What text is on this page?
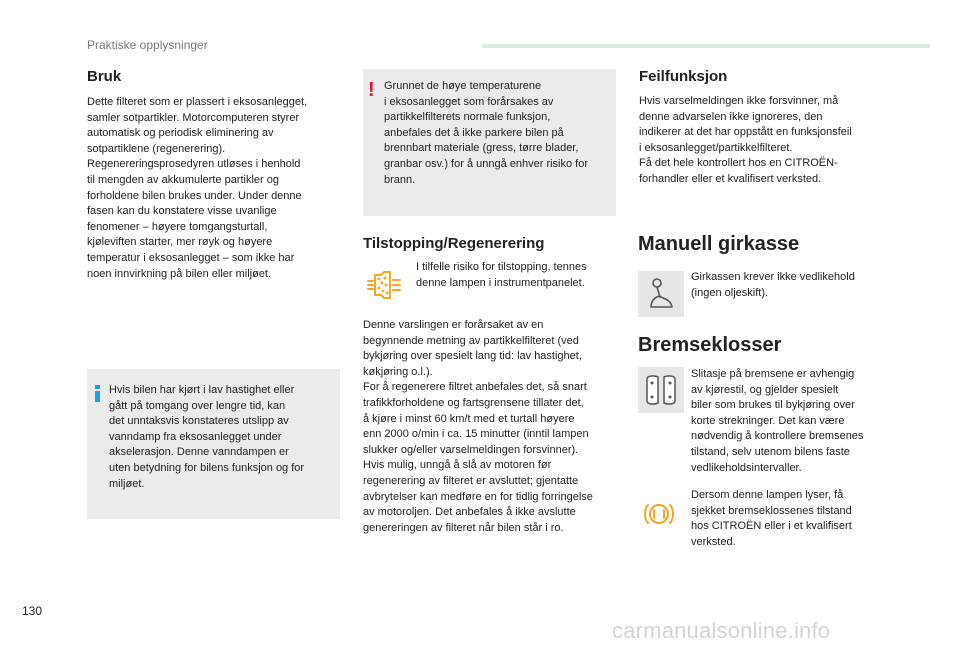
Praktiske opplysninger
Bruk

Dette filteret som er plassert i eksosanlegget,
samler sotpartikler. Motorcomputeren styrer
automatisk og periodisk eliminering av
sotpartiklene (regenerering).
Regenereringsprosedyren utløses i henhold
til mengden av akkumulerte partikler og
forholdene bilen brukes under. Under denne
fasen kan du konstatere visse uvanlige
fenomener – høyere tomgangsturtall,
kjøleviften starter, mer røyk og høyere
temperatur i eksosanlegget – som ikke har
noen innvirkning på bilen eller miljøet.

Hvis bilen har kjørt i lav hastighet eller
gått på tomgang over lengre tid, kan
det unntaksvis konstateres utslipp av
vanndamp fra eksosanlegget under
akselerasjon. Denne vanndampen er
uten betydning for bilens funksjon og for
miljøet.

! Grunnet de høye temperaturene
i eksosanlegget som forårsakes av
partikkelfilterets normale funksjon,
anbefales det å ikke parkere bilen på
brennbart materiale (gress, tørre blader,
granbar osv.) for å unngå enhver risiko for
brann.

Tilstopping/Regenerering

I tilfelle risiko for tilstopping, tennes
denne lampen i instrumentpanelet.

Denne varslingen er forårsaket av en
begynnende metning av partikkelfilteret (ved
bykjøring over spesielt lang tid: lav hastighet,
køkjøring o.l.).
For å regenerere filtret anbefales det, så snart
trafikkforholdene og fartsgrensene tillater det,
å kjøre i minst 60 km/t med et turtall høyere
enn 2000 o/min i ca. 15 minutter (inntil lampen
slukker og/eller varselmeldingen forsvinner).
Hvis mulig, unngå å slå av motoren før
regenerering av filteret er avsluttet; gjentatte
avbrytelser kan medføre en for tidlig forringelse
av motoroljen. Det anbefales å ikke avslutte
genereringen av filteret når bilen står i ro.

Feilfunksjon

Hvis varselmeldingen ikke forsvinner, må
denne advarselen ikke ignoreres, den
indikerer at det har oppstått en funksjonsfeil
i eksosanlegget/partikkelfilteret.
Få det hele kontrollert hos en CITROËN-
forhandler eller et kvalifisert verksted.

Manuell girkasse

Girkassen krever ikke vedlikehold
(ingen oljeskift).

Bremseklosser

Slitasje på bremsene er avhengig
av kjørestil, og gjelder spesielt
biler som brukes til bykjøring over
korte strekninger. Det kan være
nødvendig å kontrollere bremsenes
tilstand, selv utenom bilens faste
vedlikeholdsintervaller.

Dersom denne lampen lyser, få
sjekket bremseklossenes tilstand
hos CITROËN eller i et kvalifisert
verksted.

130
carmanualsonline.info
